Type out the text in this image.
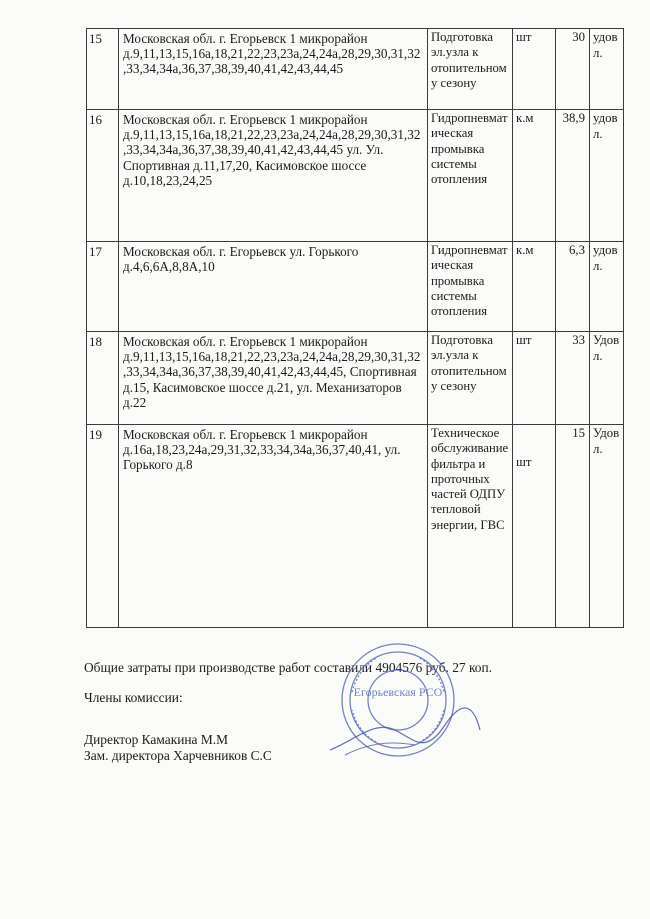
15	Московская обл. г. Егорьевск 1 микрорайон д.9,11,13,15,16а,18,21,22,23,23а,24,24а,28,29,30,31,32,33,34,34а,36,37,38,39,40,41,42,43,44,45	Подготовка эл.узла к отопительному сезону	шт	30	удовл.
16	Московская обл. г. Егорьевск 1 микрорайон д.9,11,13,15,16а,18,21,22,23,23а,24,24а,28,29,30,31,32,33,34,34а,36,37,38,39,40,41,42,43,44,45 ул. Ул. Спортивная д.11,17,20, Касимовское шоссе д.10,18,23,24,25	Гидропневматическая промывка системы отопления	к.м	38,9	удовл.
17	Московская обл. г. Егорьевск ул. Горького д.4,6,6А,8,8А,10	Гидропневматическая промывка системы отопления	к.м	6,3	удовл.
18	Московская обл. г. Егорьевск 1 микрорайон д.9,11,13,15,16а,18,21,22,23,23а,24,24а,28,29,30,31,32,33,34,34а,36,37,38,39,40,41,42,43,44,45, Спортивная д.15, Касимовское шоссе д.21, ул. Механизаторов д.22	Подготовка эл.узла к отопительному сезону	шт	33	Удовл.
19	Московская обл. г. Егорьевск 1 микрорайон д.16а,18,23,24а,29,31,32,33,34,34а,36,37,40,41, ул. Горького д.8	Техническое обслуживание фильтра и проточных частей ОДПУ тепловой энергии, ГВС	шт	15	Удовл.
Общие затраты при производстве работ составили 4904576 руб. 27 коп.
Члены комиссии:
Директор Камакина М.М
Зам. директора Харчевников С.С
Егорьевская РСО
